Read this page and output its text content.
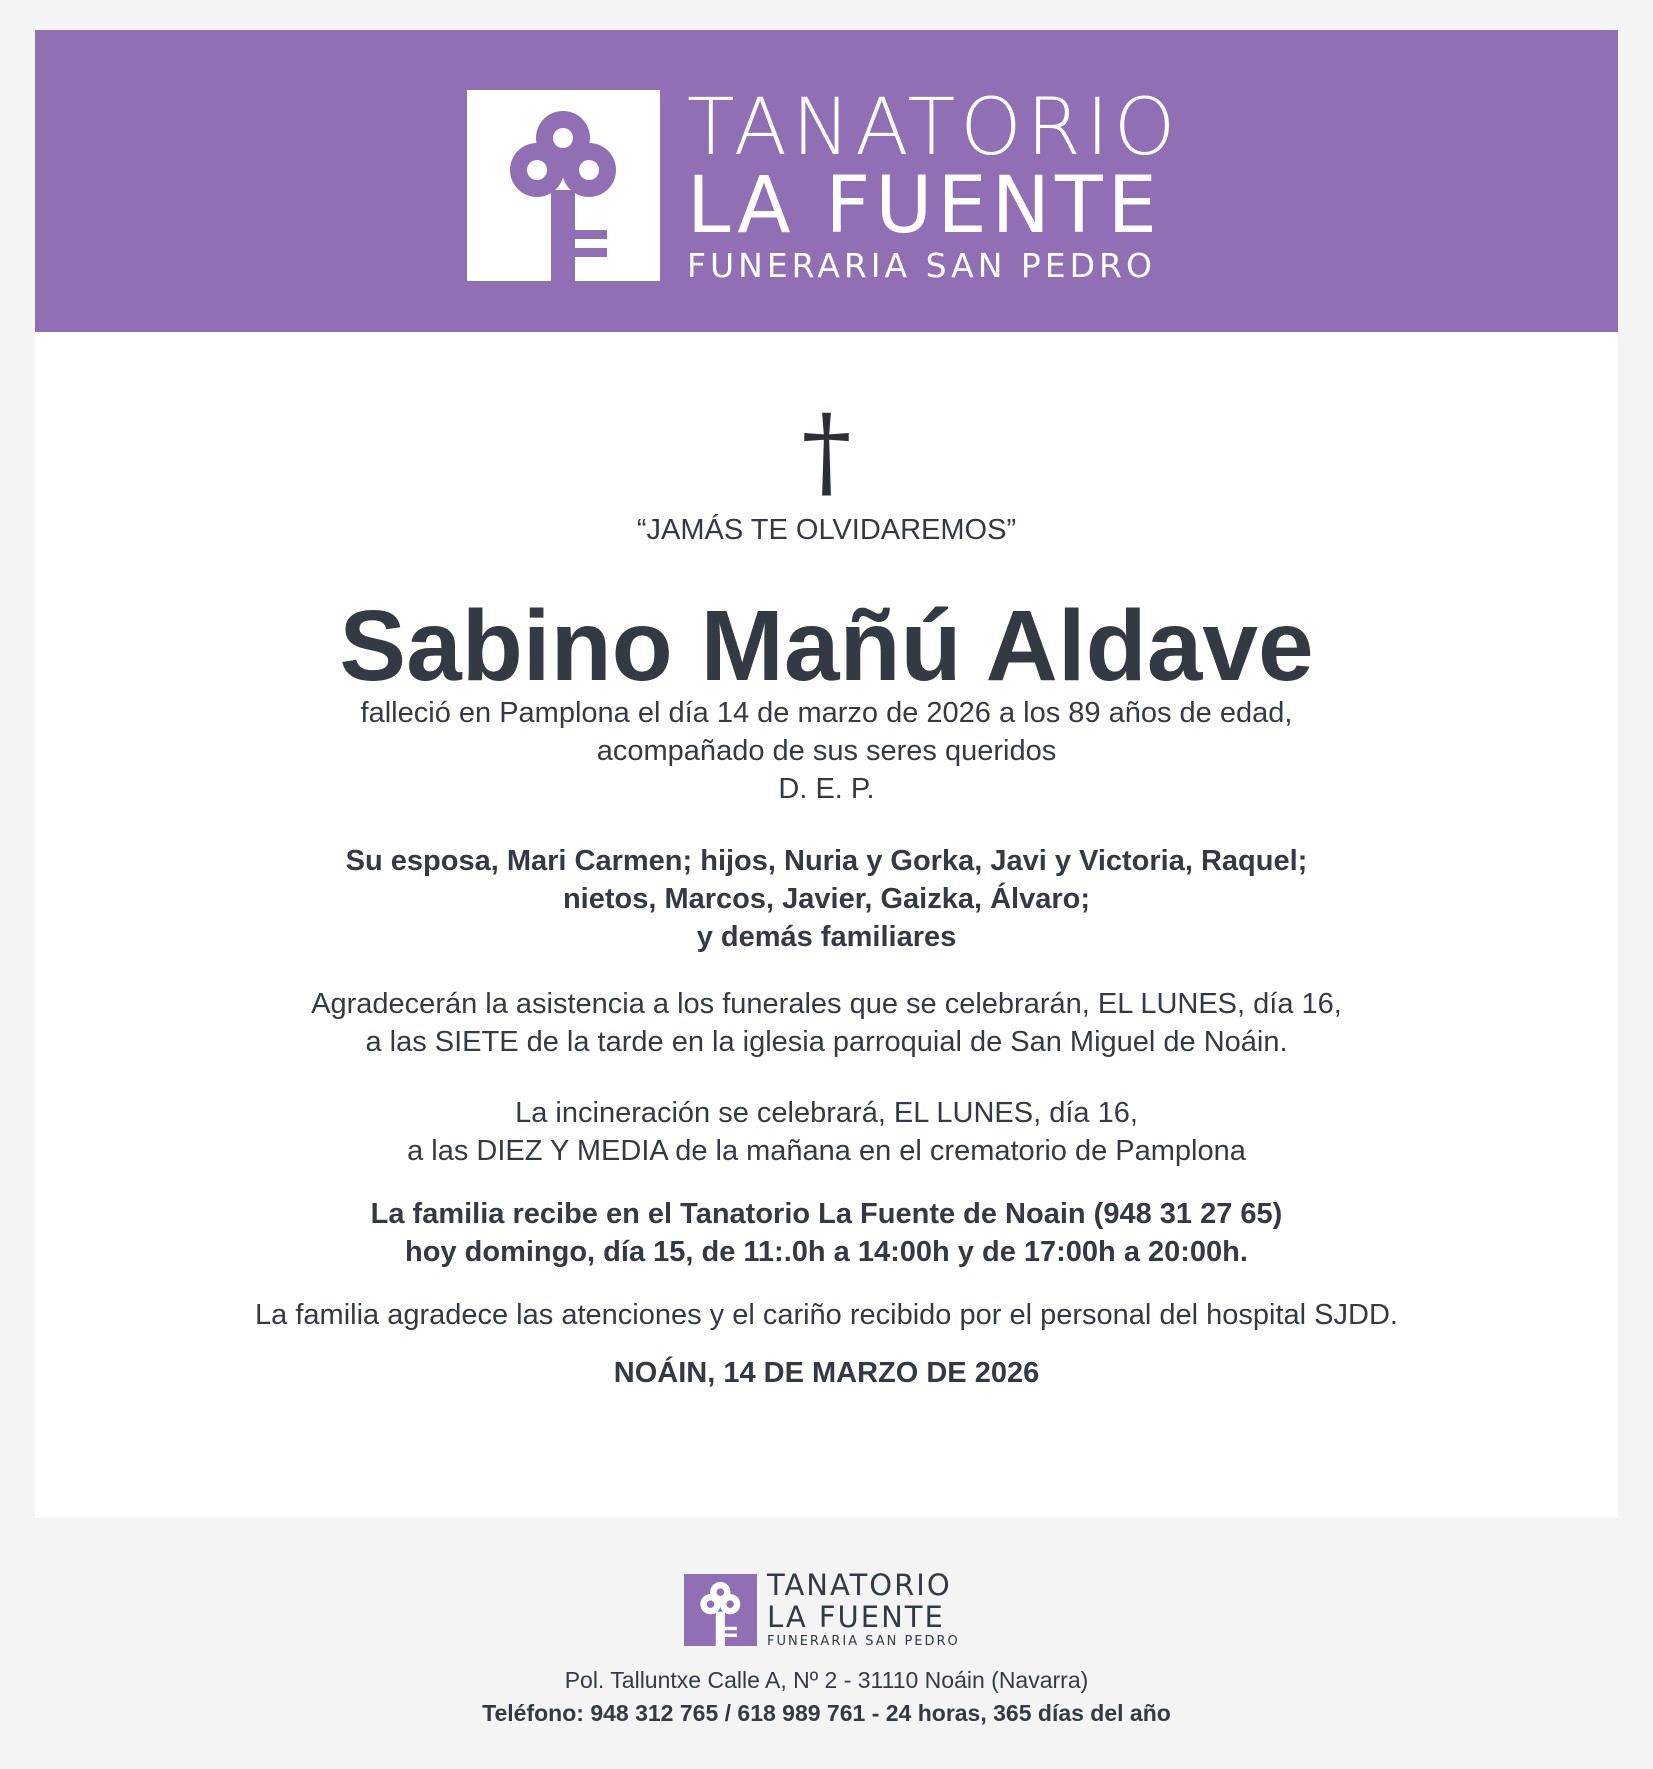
TANATORIO
LA FUENTE
FUNERARIA SAN PEDRO
†
“JAMÁS TE OLVIDAREMOS”
Sabino Mañú Aldave
falleció en Pamplona el día 14 de marzo de 2026 a los 89 años de edad,
acompañado de sus seres queridos
D. E. P.
Su esposa, Mari Carmen; hijos, Nuria y Gorka, Javi y Victoria, Raquel;
nietos, Marcos, Javier, Gaizka, Álvaro;
y demás familiares
Agradecerán la asistencia a los funerales que se celebrarán, EL LUNES, día 16,
a las SIETE de la tarde en la iglesia parroquial de San Miguel de Noáin.
La incineración se celebrará, EL LUNES, día 16,
a las DIEZ Y MEDIA de la mañana en el crematorio de Pamplona
La familia recibe en el Tanatorio La Fuente de Noain (948 31 27 65)
hoy domingo, día 15, de 11:.0h a 14:00h y de 17:00h a 20:00h.
La familia agradece las atenciones y el cariño recibido por el personal del hospital SJDD.
NOÁIN, 14 DE MARZO DE 2026
TANATORIO
LA FUENTE
FUNERARIA SAN PEDRO
Pol. Talluntxe Calle A, Nº 2 - 31110 Noáin (Navarra)
Teléfono: 948 312 765 / 618 989 761 - 24 horas, 365 días del año
